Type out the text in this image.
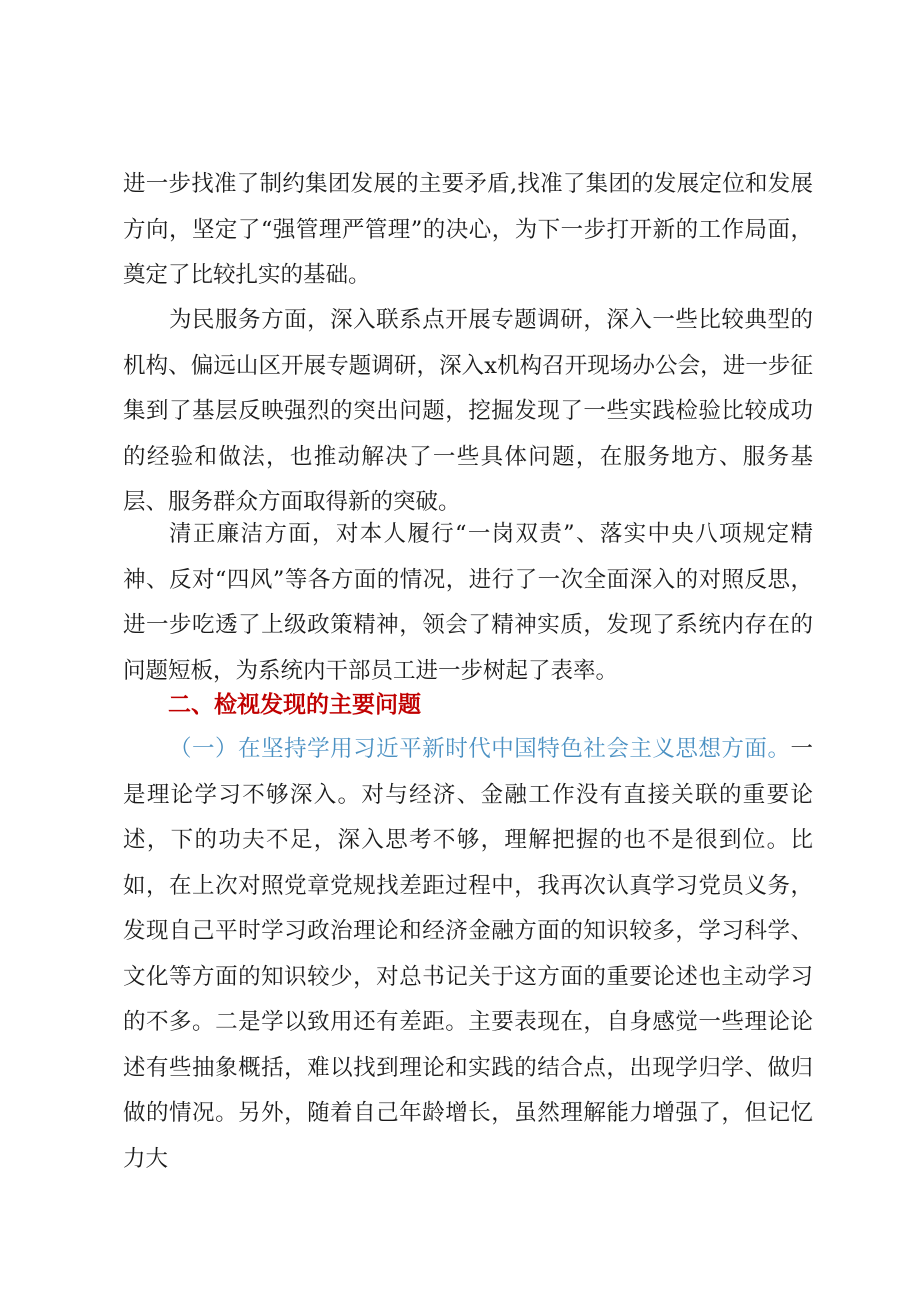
进一步找准了制约集团发展的主要矛盾,找准了集团的发展定位和发展方向，坚定了“强管理严管理”的决心，为下一步打开新的工作局面，奠定了比较扎实的基础。

为民服务方面，深入联系点开展专题调研，深入一些比较典型的机构、偏远山区开展专题调研，深入x机构召开现场办公会，进一步征集到了基层反映强烈的突出问题，挖掘发现了一些实践检验比较成功的经验和做法，也推动解决了一些具体问题，在服务地方、服务基层、服务群众方面取得新的突破。

清正廉洁方面，对本人履行“一岗双责”、落实中央八项规定精神、反对“四风”等各方面的情况，进行了一次全面深入的对照反思，进一步吃透了上级政策精神，领会了精神实质，发现了系统内存在的问题短板，为系统内干部员工进一步树起了表率。

二、检视发现的主要问题

（一）在坚持学用习近平新时代中国特色社会主义思想方面。一是理论学习不够深入。对与经济、金融工作没有直接关联的重要论述，下的功夫不足，深入思考不够，理解把握的也不是很到位。比如，在上次对照党章党规找差距过程中，我再次认真学习党员义务，发现自己平时学习政治理论和经济金融方面的知识较多，学习科学、文化等方面的知识较少，对总书记关于这方面的重要论述也主动学习的不多。二是学以致用还有差距。主要表现在，自身感觉一些理论论述有些抽象概括，难以找到理论和实践的结合点，出现学归学、做归做的情况。另外，随着自己年龄增长，虽然理解能力增强了，但记忆力大
